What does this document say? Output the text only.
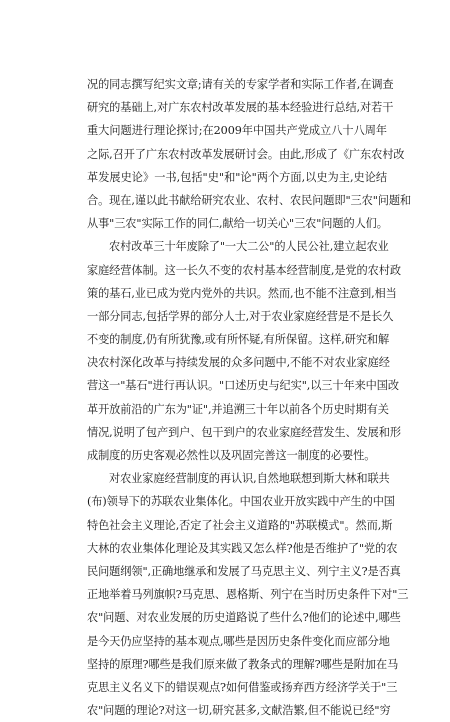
况的同志撰写纪实文章;请有关的专家学者和实际工作者,在调查
研究的基础上,对广东农村改革发展的基本经验进行总结,对若干
重大问题进行理论探讨;在2009年中国共产党成立八十八周年
之际,召开了广东农村改革发展研讨会。由此,形成了《广东农村改
革发展史论》一书,包括"史"和"论"两个方面,以史为主,史论结
合。现在,谨以此书献给研究农业、农村、农民问题即"三农"问题和
从事"三农"实际工作的同仁,献给一切关心"三农"问题的人们。
农村改革三十年废除了"一大二公"的人民公社,建立起农业
家庭经营体制。这一长久不变的农村基本经营制度,是党的农村政
策的基石,业已成为党内党外的共识。然而,也不能不注意到,相当
一部分同志,包括学界的部分人士,对于农业家庭经营是不是长久
不变的制度,仍有所犹豫,或有所怀疑,有所保留。这样,研究和解
决农村深化改革与持续发展的众多问题中,不能不对农业家庭经
营这一"基石"进行再认识。"口述历史与纪实",以三十年来中国改
革开放前沿的广东为"证",并追溯三十年以前各个历史时期有关
情况,说明了包产到户、包干到户的农业家庭经营发生、发展和形
成制度的历史客观必然性以及巩固完善这一制度的必要性。
对农业家庭经营制度的再认识,自然地联想到斯大林和联共
(布)领导下的苏联农业集体化。中国农业开放实践中产生的中国
特色社会主义理论,否定了社会主义道路的"苏联模式"。然而,斯
大林的农业集体化理论及其实践又怎么样?他是否维护了"党的农
民问题纲领",正确地继承和发展了马克思主义、列宁主义?是否真
正地举着马列旗帜?马克思、恩格斯、列宁在当时历史条件下对"三
农"问题、对农业发展的历史道路说了些什么?他们的论述中,哪些
是今天仍应坚持的基本观点,哪些是因历史条件变化而应部分地
坚持的原理?哪些是我们原来做了教条式的理解?哪些是附加在马
克思主义名义下的错误观点?如何借鉴或扬弃西方经济学关于"三
农"问题的理论?对这一切,研究甚多,文献浩繁,但不能说已经"穷
